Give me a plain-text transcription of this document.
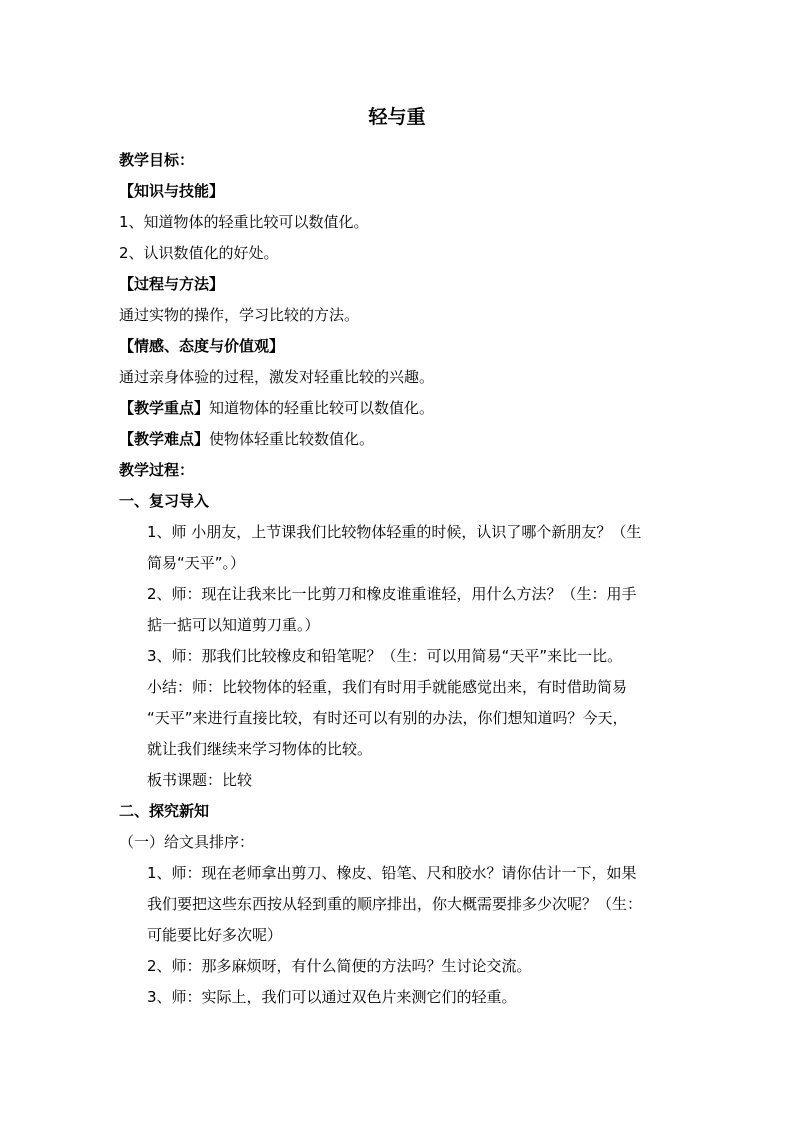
轻与重

教学目标：

【知识与技能】

1、知道物体的轻重比较可以数值化。

2、认识数值化的好处。

【过程与方法】

通过实物的操作，学习比较的方法。

【情感、态度与价值观】

通过亲身体验的过程，激发对轻重比较的兴趣。

【教学重点】知道物体的轻重比较可以数值化。

【教学难点】使物体轻重比较数值化。

教学过程：

一、复习导入

1、师 小朋友，上节课我们比较物体轻重的时候，认识了哪个新朋友？（生

简易“天平”。）

2、师：现在让我来比一比剪刀和橡皮谁重谁轻，用什么方法？（生：用手

掂一掂可以知道剪刀重。）

3、师：那我们比较橡皮和铅笔呢？（生：可以用简易“天平”来比一比。

小结：师：比较物体的轻重，我们有时用手就能感觉出来，有时借助简易

“天平”来进行直接比较，有时还可以有别的办法，你们想知道吗？今天，

就让我们继续来学习物体的比较。

板书课题：比较

二、探究新知

（一）给文具排序：

1、师：现在老师拿出剪刀、橡皮、铅笔、尺和胶水？请你估计一下，如果

我们要把这些东西按从轻到重的顺序排出，你大概需要排多少次呢？（生：

可能要比好多次呢）

2、师：那多麻烦呀，有什么简便的方法吗？生讨论交流。

3、师：实际上，我们可以通过双色片来测它们的轻重。
